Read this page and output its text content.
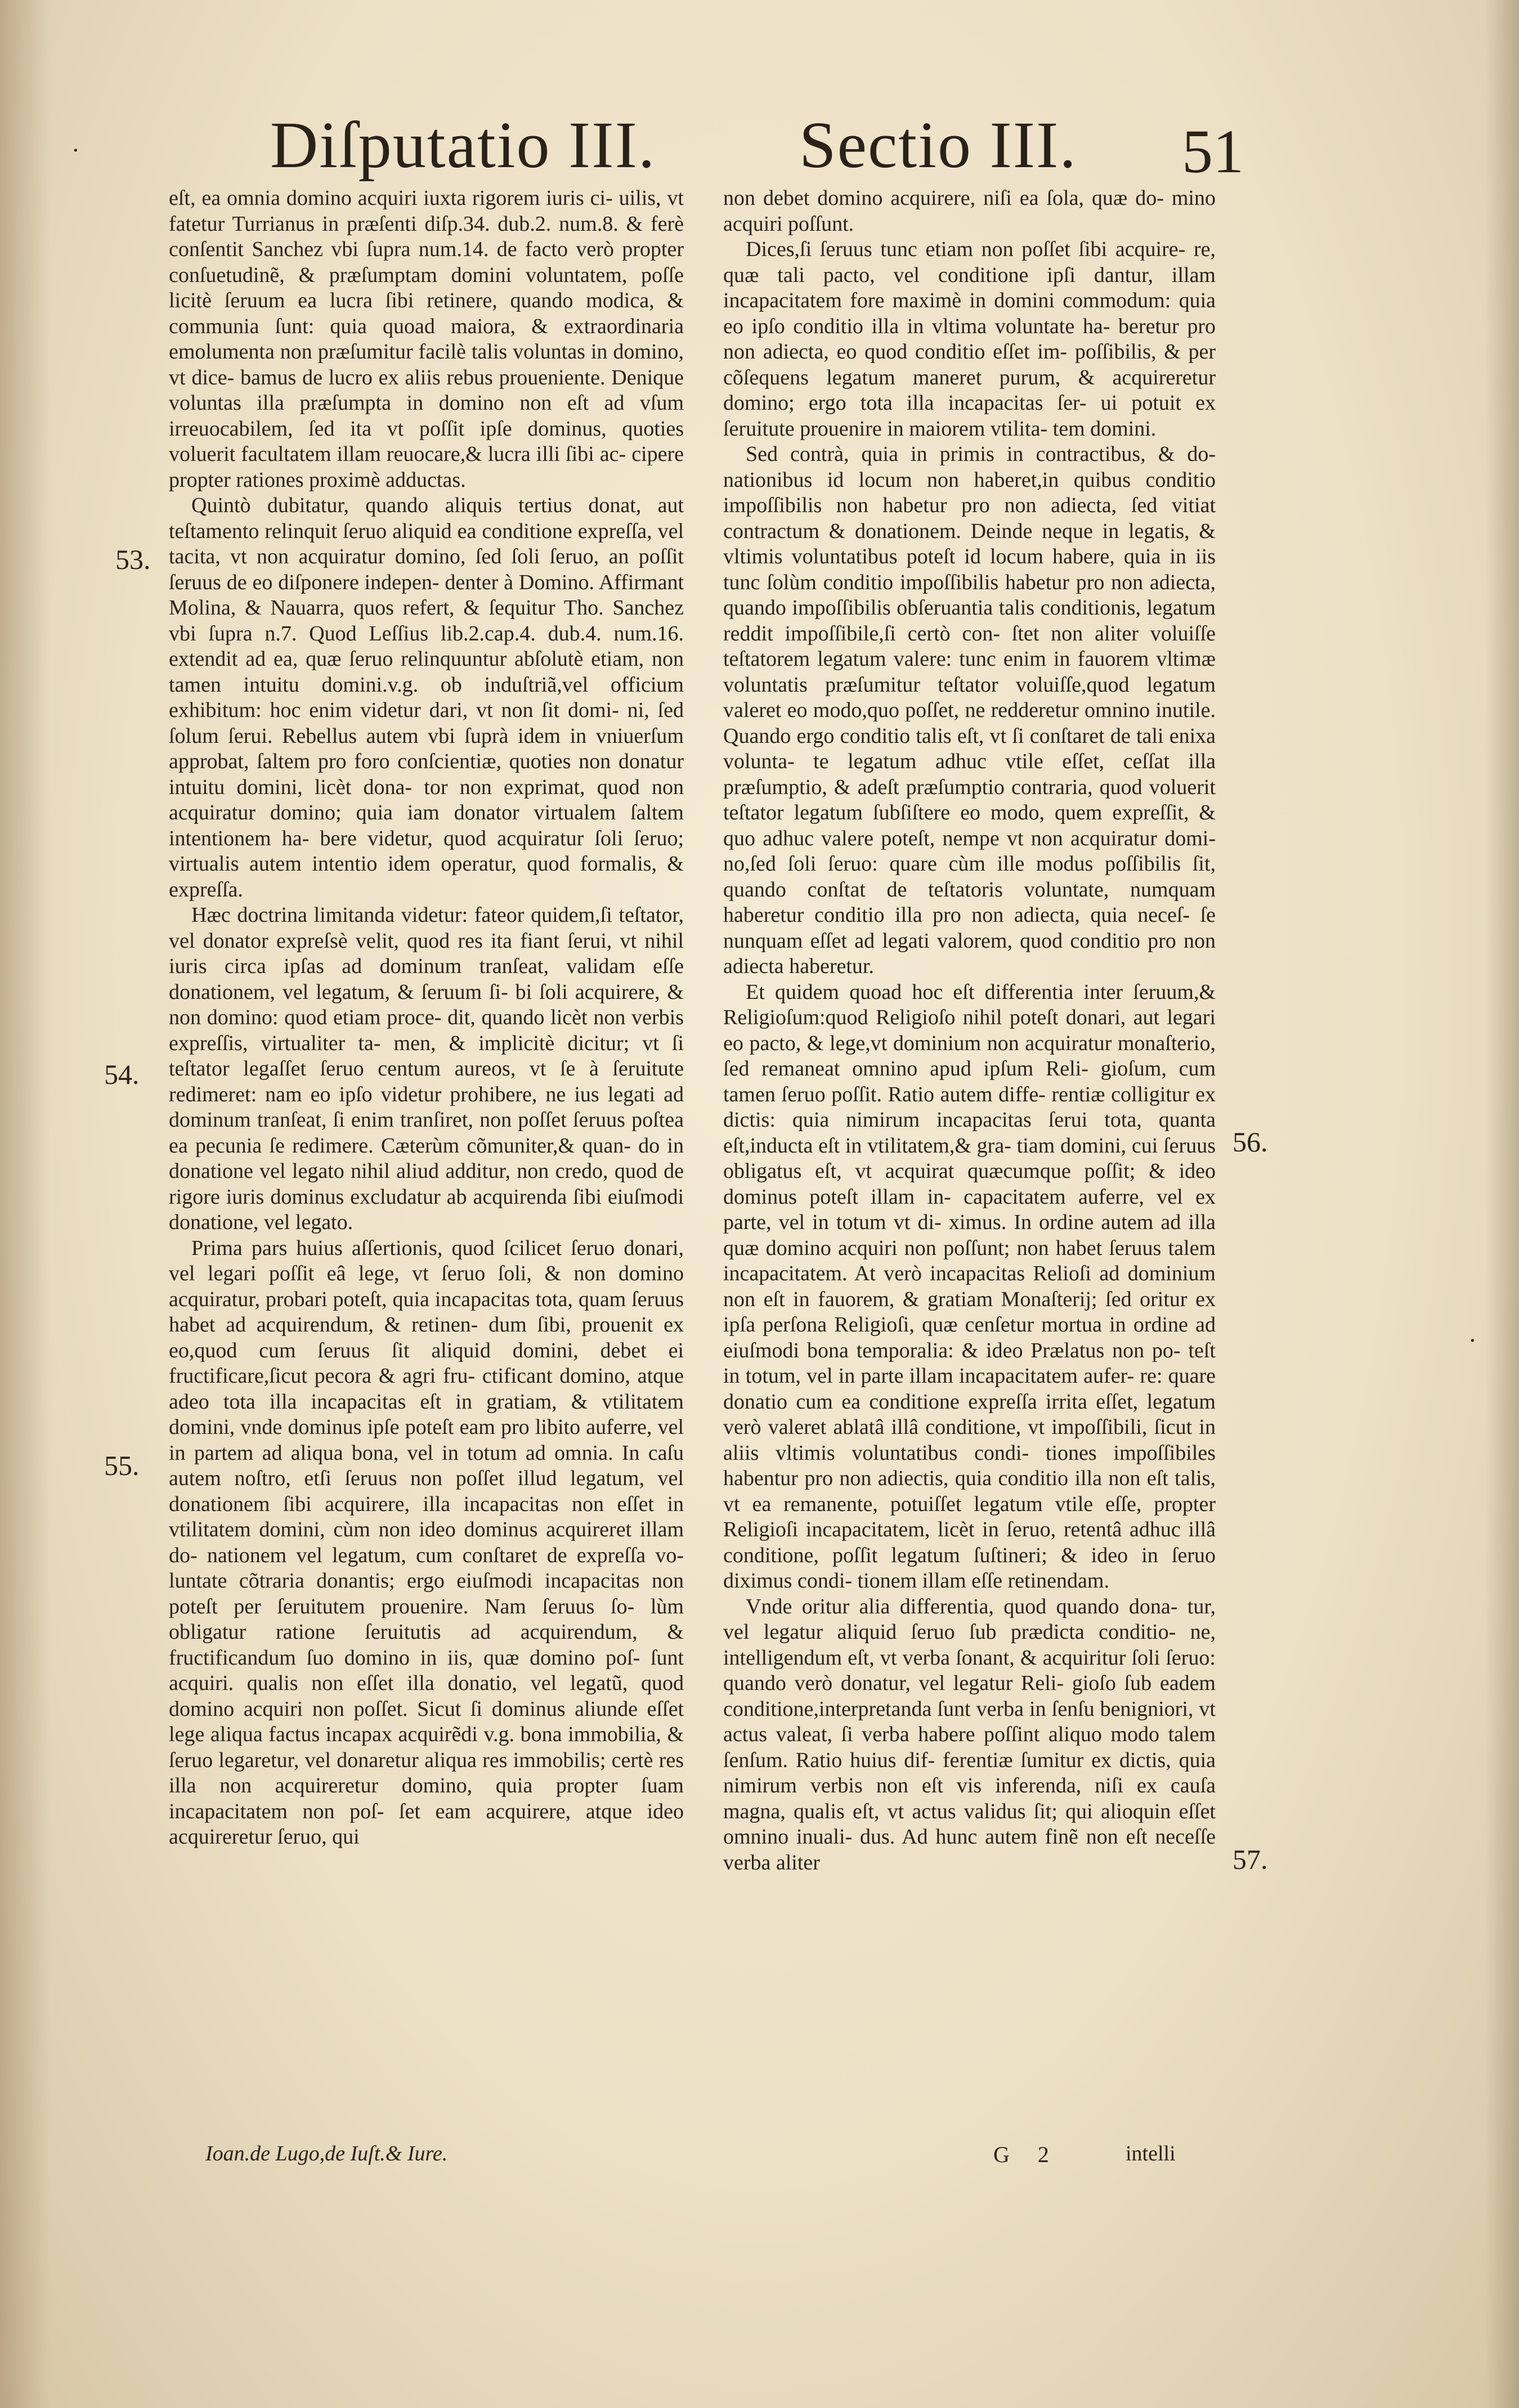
Diſputatio III. Sectio III. 51
·

eſt, ea omnia domino acquiri iuxta rigorem iuris ci- uilis, vt fatetur Turrianus in præſenti diſp.34. dub.2. num.8. & ferè conſentit Sanchez vbi ſupra num.14. de facto verò propter conſuetudinẽ, & præſumptam domini voluntatem, poſſe licitè ſeruum ea lucra ſibi retinere, quando modica, & communia ſunt: quia quoad maiora, & extraordinaria emolumenta non præſumitur facilè talis voluntas in domino, vt dice- bamus de lucro ex aliis rebus prouenientе. Denique voluntas illa præſumpta in domino non eſt ad vſum irreuocabilem, ſed ita vt poſſit ipſe dominus, quoties voluerit facultatem illam reuocare,& lucra illi ſibi ac- cipere propter rationes proximè adductas.

Quintò dubitatur, quando aliquis tertius donat, aut teſtamento relinquit ſeruo aliquid ea conditione expreſſa, vel tacita, vt non acquiratur domino, ſed ſoli ſeruo, an poſſit ſeruus de eo diſponere indepen- denter à Domino. Affirmant Molina, & Nauarra, quos refert, & ſequitur Tho. Sanchez vbi ſupra n.7. Quod Leſſius lib.2.cap.4. dub.4. num.16. extendit ad ea, quæ ſeruo relinquuntur abſolutè etiam, non tamen intuitu domini.v.g. ob induſtriã,vel officium exhibitum: hoc enim videtur dari, vt non ſit domi- ni, ſed ſolum ſerui. Rebellus autem vbi ſuprà idem in vniuerſum approbat, ſaltem pro foro conſcientiæ, quoties non donatur intuitu domini, licèt dona- tor non exprimat, quod non acquiratur domino; quia iam donator virtualem ſaltem intentionem ha- bere videtur, quod acquiratur ſoli ſeruo; virtualis autem intentio idem operatur, quod formalis, & expreſſa.

Hæc doctrina limitanda videtur: fateor quidem,ſi teſtator, vel donator expreſsè velit, quod res ita fiant ſerui, vt nihil iuris circa ipſas ad dominum tranſeat, validam eſſe donationem, vel legatum, & ſeruum ſi- bi ſoli acquirere, & non domino: quod etiam proce- dit, quando licèt non verbis expreſſis, virtualiter ta- men, & implicitè dicitur; vt ſi teſtator legaſſet ſeruo centum aureos, vt ſe à ſeruitute redimeret: nam eo ipſo videtur prohibere, ne ius legati ad dominum tranſeat, ſi enim tranſiret, non poſſet ſeruus poſtea ea pecunia ſe redimere. Cæterùm cõmuniter,& quan- do in donatione vel legato nihil aliud additur, non credo, quod de rigore iuris dominus excludatur ab acquirenda ſibi eiuſmodi donatione, vel legato.

Prima pars huius aſſertionis, quod ſcilicet ſeruo donari, vel legari poſſit eâ lege, vt ſeruo ſoli, & non domino acquiratur, probari poteſt, quia incapacitas tota, quam ſeruus habet ad acquirendum, & retinen- dum ſibi, prouenit ex eo,quod cum ſeruus ſit aliquid domini, debet ei fructificare,ſicut pecora & agri fru- ctificant domino, atque adeo tota illa incapacitas eſt in gratiam, & vtilitatem domini, vnde dominus ipſe poteſt eam pro libito auferre, vel in partem ad aliqua bona, vel in totum ad omnia. In caſu autem noſtro, etſi ſeruus non poſſet illud legatum, vel donationem ſibi acquirere, illa incapacitas non eſſet in vtilitatem domini, cùm non ideo dominus acquireret illam do- nationem vel legatum, cum conſtaret de expreſſa vo- luntate cõtraria donantis; ergo eiuſmodi incapacitas non poteſt per ſeruitutem prouenire. Nam ſeruus ſo- lùm obligatur ratione ſeruitutis ad acquirendum, & fructificandum ſuo domino in iis, quæ domino poſ- ſunt acquiri. qualis non eſſet illa donatio, vel legatũ, quod domino acquiri non poſſet. Sicut ſi dominus aliunde eſſet lege aliqua factus incapax acquirẽdi v.g. bona immobilia, & ſeruo legaretur, vel donaretur aliqua res immobilis; certè res illa non acquireretur domino, quia propter ſuam incapacitatem non poſ- ſet eam acquirere, atque ideo acquireretur ſeruo, qui

non debet domino acquirere, niſi ea ſola, quæ do- mino acquiri poſſunt.

Dices,ſi ſeruus tunc etiam non poſſet ſibi acquire- re, quæ tali pacto, vel conditione ipſi dantur, illam incapacitatem fore maximè in domini commodum: quia eo ipſo conditio illa in vltima voluntate ha- beretur pro non adiecta, eo quod conditio eſſet im- poſſibilis, & per cõſequens legatum maneret purum, & acquireretur domino; ergo tota illa incapacitas ſer- ui potuit ex ſeruitute prouenire in maiorem vtilita- tem domini.

Sed contrà, quia in primis in contractibus, & do- nationibus id locum non haberet,in quibus conditio impoſſibilis non habetur pro non adiecta, ſed vitiat contractum & donationem. Deinde neque in legatis, & vltimis voluntatibus poteſt id locum habere, quia in iis tunc ſolùm conditio impoſſibilis habetur pro non adiecta, quando impoſſibilis obſeruantia talis conditionis, legatum reddit impoſſibile,ſi certò con- ſtet non aliter voluiſſe teſtatorem legatum valere: tunc enim in fauorem vltimæ voluntatis præſumitur teſtator voluiſſe,quod legatum valeret eo modo,quo poſſet, ne redderetur omnino inutile. Quando ergo conditio talis eſt, vt ſi conſtaret de tali enixa volunta- te legatum adhuc vtile eſſet, ceſſat illa præſumptio, & adeſt præſumptio contraria, quod voluerit teſtator legatum ſubſiſtere eo modo, quem expreſſit, & quo adhuc valere poteſt, nempe vt non acquiratur domi- no,ſed ſoli ſeruo: quare cùm ille modus poſſibilis ſit, quando conſtat de teſtatoris voluntate, numquam haberetur conditio illa pro non adiecta, quia neceſ- ſe nunquam eſſet ad legati valorem, quod conditio pro non adiecta haberetur.

Et quidem quoad hoc eſt differentia inter ſeruum,& Religioſum:quod Religioſo nihil poteſt donari, aut legari eo pacto, & lege,vt dominium non acquiratur monaſterio, ſed remaneat omnino apud ipſum Reli- gioſum, cum tamen ſeruo poſſit. Ratio autem diffe- rentiæ colligitur ex dictis: quia nimirum incapacitas ſerui tota, quanta eſt,inducta eſt in vtilitatem,& gra- tiam domini, cui ſeruus obligatus eſt, vt acquirat quæcumque poſſit; & ideo dominus poteſt illam in- capacitatem auferre, vel ex parte, vel in totum vt di- ximus. In ordine autem ad illa quæ domino acquiri non poſſunt; non habet ſeruus talem incapacitatem. At verò incapacitas Relioſi ad dominium non eſt in fauorem, & gratiam Monaſterij; ſed oritur ex ipſa perſona Religioſi, quæ cenſetur mortua in ordine ad eiuſmodi bona temporalia: & ideo Prælatus non po- teſt in totum, vel in parte illam incapacitatem aufer- re: quare donatio cum ea conditione expreſſa irrita eſſet, legatum verò valeret ablatâ illâ conditione, vt impoſſibili, ſicut in aliis vltimis voluntatibus condi- tiones impoſſibiles habentur pro non adiectis, quia conditio illa non eſt talis, vt ea remanente, potuiſſet legatum vtile eſſe, propter Religioſi incapacitatem, licèt in ſeruo, retentâ adhuc illâ conditione, poſſit legatum ſuſtineri; & ideo in ſeruo diximus condi- tionem illam eſſe retinendam.

Vnde oritur alia differentia, quod quando dona- tur, vel legatur aliquid ſeruo ſub prædicta conditio- ne, intelligendum eſt, vt verba ſonant, & acquiritur ſoli ſeruo: quando verò donatur, vel legatur Reli- gioſo ſub eadem conditione,interpretanda ſunt verba in ſenſu benigniori, vt actus valeat, ſi verba habere poſſint aliquo modo talem ſenſum. Ratio huius dif- ferentiæ ſumitur ex dictis, quia nimirum verbis non eſt vis inferenda, niſi ex cauſa magna, qualis eſt, vt actus validus ſit; qui alioquin eſſet omnino inuali- dus. Ad hunc autem finẽ non eſt neceſſe verba aliter

53.
54.
55.
56.
57.
·
Ioan.de Lugo,de Iuſt.& Iure.	G 2	intelli
